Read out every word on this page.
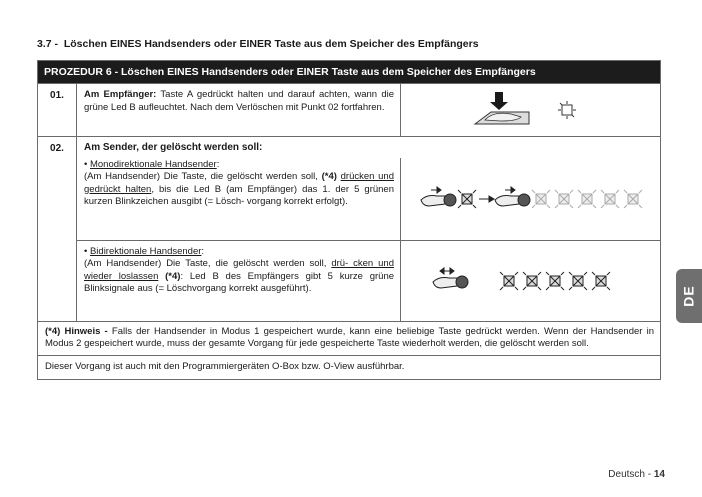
3.7 - Löschen EINES Handsenders oder EINER Taste aus dem Speicher des Empfängers
PROZEDUR 6 - Löschen EINES Handsenders oder EINER Taste aus dem Speicher des Empfängers
01.	Am Empfänger: Taste A gedrückt halten und darauf achten, wann die grüne Led B aufleuchtet. Nach dem Verlöschen mit Punkt 02 fortfahren.
02.	Am Sender, der gelöscht werden soll:
• Monodirektionale Handsender:
(Am Handsender) Die Taste, die gelöscht werden soll, (*4) drücken und gedrückt halten, bis die Led B (am Empfänger) das 1. der 5 grünen kurzen Blinkzeichen ausgibt (= Lösch- vorgang korrekt erfolgt).
• Bidirektionale Handsender:
(Am Handsender) Die Taste, die gelöscht werden soll, drü- cken und wieder loslassen (*4): Led B des Empfängers gibt 5 kurze grüne Blinksignale aus (= Löschvorgang korrekt ausgeführt).
(*4) Hinweis - Falls der Handsender in Modus 1 gespeichert wurde, kann eine beliebige Taste gedrückt werden. Wenn der Handsender in Modus 2 gespeichert wurde, muss der gesamte Vorgang für jede gespeicherte Taste wiederholt werden, die gelöscht werden soll.
Dieser Vorgang ist auch mit den Programmiergeräten O-Box bzw. O-View ausführbar.
DE
Deutsch - 14
